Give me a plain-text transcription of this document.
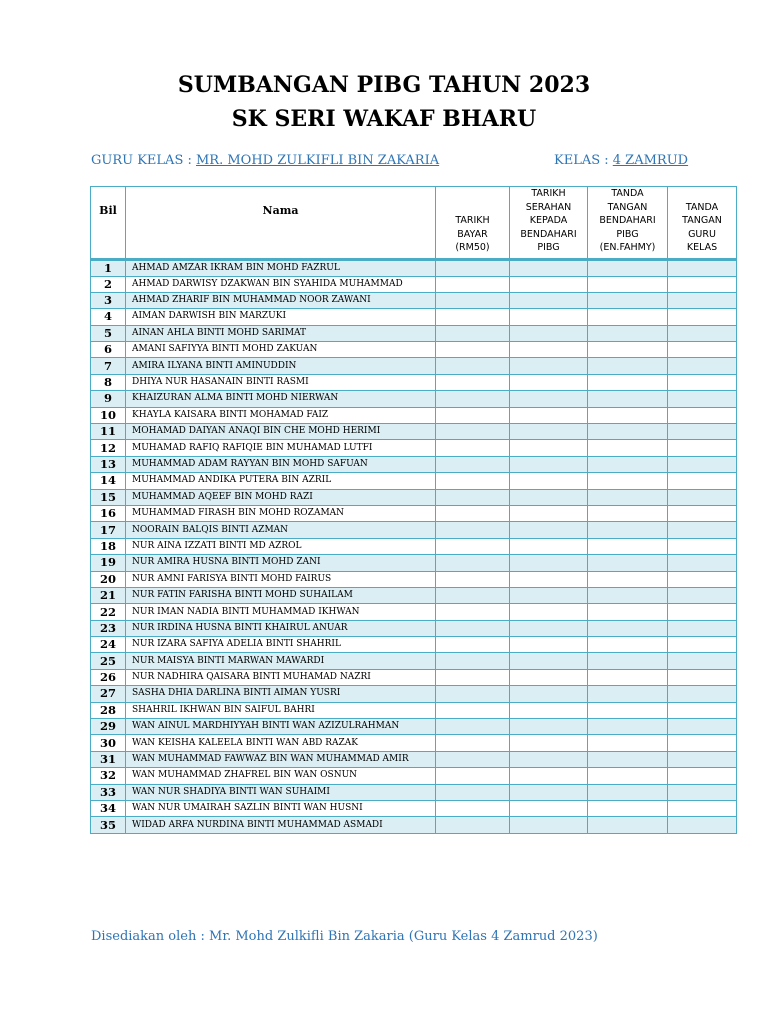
SUMBANGAN PIBG TAHUN 2023
SK SERI WAKAF BHARU
GURU KELAS : MR. MOHD ZULKIFLI BIN ZAKARIA	KELAS : 4 ZAMRUD
Bil	Nama	TARIKH
BAYAR
(RM50)	TARIKH
SERAHAN
KEPADA
BENDAHARI
PIBG	TANDA
TANGAN
BENDAHARI
PIBG
(EN.FAHMY)	TANDA
TANGAN
GURU
KELAS
1	AHMAD AMZAR IKRAM BIN MOHD FAZRUL				
2	AHMAD DARWISY DZAKWAN BIN SYAHIDA MUHAMMAD				
3	AHMAD ZHARIF BIN MUHAMMAD NOOR ZAWANI				
4	AIMAN DARWISH BIN MARZUKI				
5	AINAN AHLA BINTI MOHD SARIMAT				
6	AMANI SAFIYYA BINTI MOHD ZAKUAN				
7	AMIRA ILYANA BINTI AMINUDDIN				
8	DHIYA NUR HASANAIN BINTI RASMI				
9	KHAIZURAN ALMA BINTI MOHD NIERWAN				
10	KHAYLA KAISARA BINTI MOHAMAD FAIZ				
11	MOHAMAD DAIYAN ANAQI BIN CHE MOHD HERIMI				
12	MUHAMAD RAFIQ RAFIQIE BIN MUHAMAD LUTFI				
13	MUHAMMAD ADAM RAYYAN BIN MOHD SAFUAN				
14	MUHAMMAD ANDIKA PUTERA BIN AZRIL				
15	MUHAMMAD AQEEF BIN MOHD RAZI				
16	MUHAMMAD FIRASH BIN MOHD ROZAMAN				
17	NOORAIN BALQIS BINTI AZMAN				
18	NUR AINA IZZATI BINTI MD AZROL				
19	NUR AMIRA HUSNA BINTI MOHD ZANI				
20	NUR AMNI FARISYA BINTI MOHD FAIRUS				
21	NUR FATIN FARISHA BINTI MOHD SUHAILAM				
22	NUR IMAN NADIA BINTI MUHAMMAD IKHWAN				
23	NUR IRDINA HUSNA BINTI KHAIRUL ANUAR				
24	NUR IZARA SAFIYA ADELIA BINTI SHAHRIL				
25	NUR MAISYA BINTI MARWAN MAWARDI				
26	NUR NADHIRA QAISARA BINTI MUHAMAD NAZRI				
27	SASHA DHIA DARLINA BINTI AIMAN YUSRI				
28	SHAHRIL IKHWAN BIN SAIFUL BAHRI				
29	WAN AINUL MARDHIYYAH BINTI WAN AZIZULRAHMAN				
30	WAN KEISHA KALEELA BINTI WAN ABD RAZAK				
31	WAN MUHAMMAD FAWWAZ BIN WAN MUHAMMAD AMIR				
32	WAN MUHAMMAD ZHAFREL BIN WAN OSNUN				
33	WAN NUR SHADIYA BINTI WAN SUHAIMI				
34	WAN NUR UMAIRAH SAZLIN BINTI WAN HUSNI				
35	WIDAD ARFA NURDINA BINTI MUHAMMAD ASMADI				
Disediakan oleh : Mr. Mohd Zulkifli Bin Zakaria (Guru Kelas 4 Zamrud 2023)
